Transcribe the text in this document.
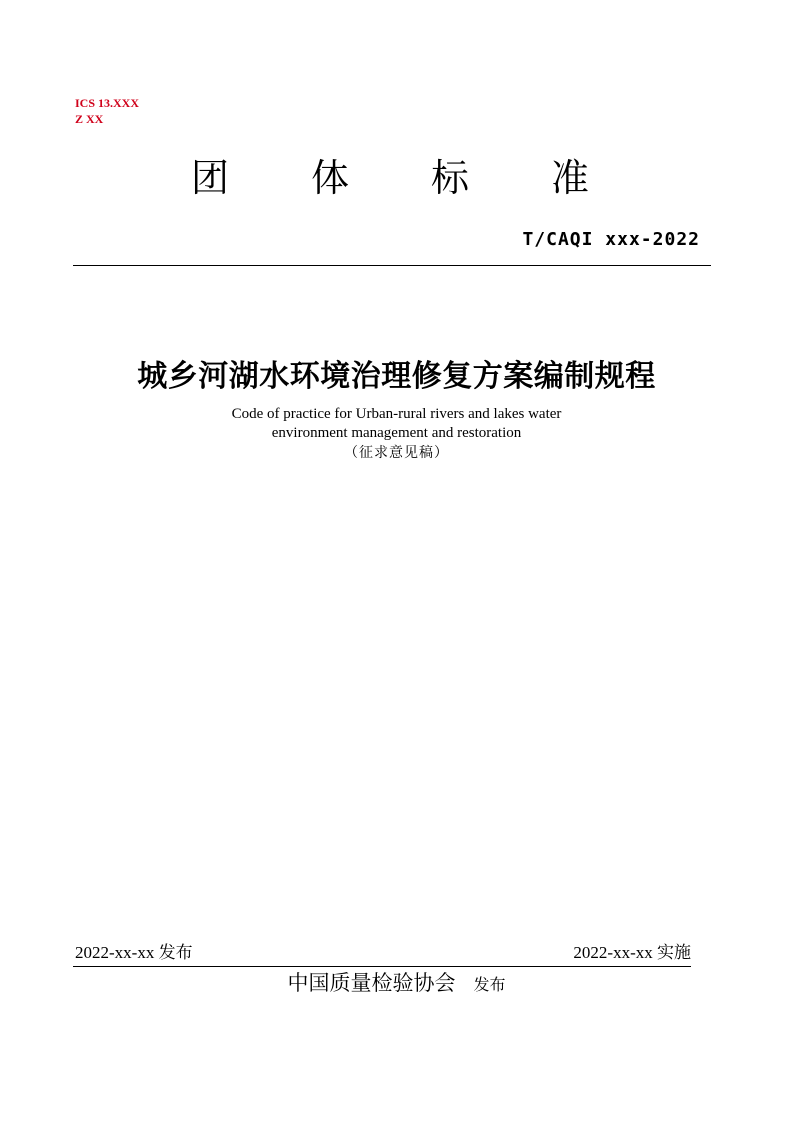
ICS 13.XXX
Z XX
团 体 标 准
T/CAQI xxx-2022
城乡河湖水环境治理修复方案编制规程
Code of practice for Urban-rural rivers and lakes water
environment management and restoration
（征求意见稿）
2022-xx-xx 发布	2022-xx-xx 实施
中国质量检验协会 发布
